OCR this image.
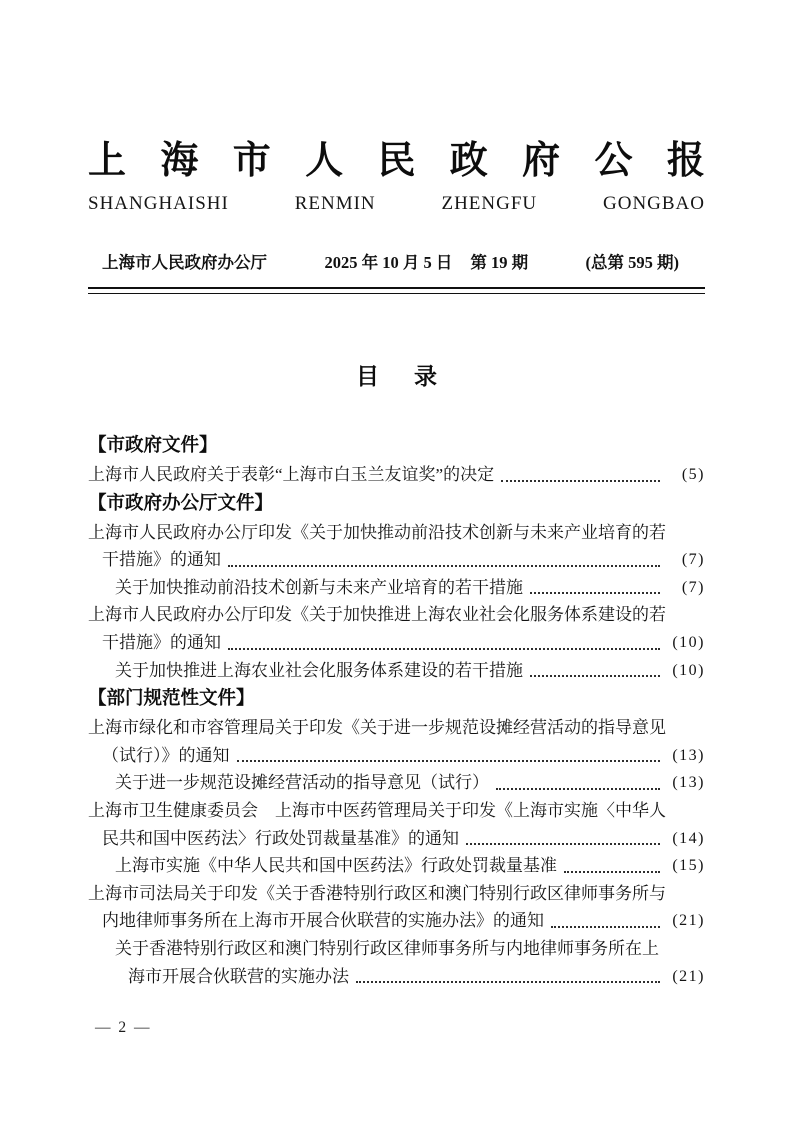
上 海 市 人 民 政 府 公 报
SHANGHAISHI	RENMIN	ZHENGFU	GONGBAO
上海市人民政府办公厅	2025 年 10 月 5 日 第 19 期	(总第 595 期)
目　录
【市政府文件】
上海市人民政府关于表彰“上海市白玉兰友谊奖”的决定	(5)
【市政府办公厅文件】
上海市人民政府办公厅印发《关于加快推动前沿技术创新与未来产业培育的若
干措施》的通知	(7)
关于加快推动前沿技术创新与未来产业培育的若干措施	(7)
上海市人民政府办公厅印发《关于加快推进上海农业社会化服务体系建设的若
干措施》的通知	(10)
关于加快推进上海农业社会化服务体系建设的若干措施	(10)
【部门规范性文件】
上海市绿化和市容管理局关于印发《关于进一步规范设摊经营活动的指导意见
（试行）》的通知	(13)
关于进一步规范设摊经营活动的指导意见（试行）	(13)
上海市卫生健康委员会　上海市中医药管理局关于印发《上海市实施〈中华人
民共和国中医药法〉行政处罚裁量基准》的通知	(14)
上海市实施《中华人民共和国中医药法》行政处罚裁量基准	(15)
上海市司法局关于印发《关于香港特别行政区和澳门特别行政区律师事务所与
内地律师事务所在上海市开展合伙联营的实施办法》的通知	(21)
关于香港特别行政区和澳门特别行政区律师事务所与内地律师事务所在上
海市开展合伙联营的实施办法	(21)
— 2 —
